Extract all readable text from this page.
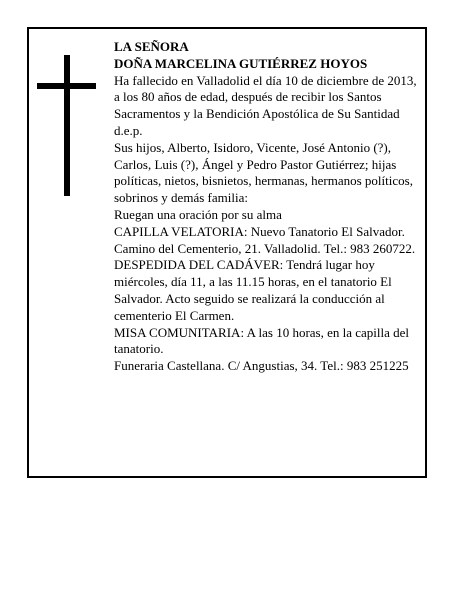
LA SEÑORA

DOÑA MARCELINA GUTIÉRREZ HOYOS

Ha fallecido en Valladolid el día 10 de diciembre de 2013, a los 80 años de edad, después de recibir los Santos Sacramentos y la Bendición Apostólica de Su Santidad

d.e.p.

Sus hijos, Alberto, Isidoro, Vicente, José Antonio (?), Carlos, Luis (?), Ángel y Pedro Pastor Gutiérrez; hijas políticas, nietos, bisnietos, hermanas, hermanos políticos, sobrinos y demás familia:

Ruegan una oración por su alma

CAPILLA VELATORIA: Nuevo Tanatorio El Salvador. Camino del Cementerio, 21. Valladolid. Tel.: 983 260722.

DESPEDIDA DEL CADÁVER: Tendrá lugar hoy miércoles, día 11, a las 11.15 horas, en el tanatorio El Salvador. Acto seguido se realizará la conducción al cementerio El Carmen.

MISA COMUNITARIA: A las 10 horas, en la capilla del tanatorio.

Funeraria Castellana. C/ Angustias, 34. Tel.: 983 251225
